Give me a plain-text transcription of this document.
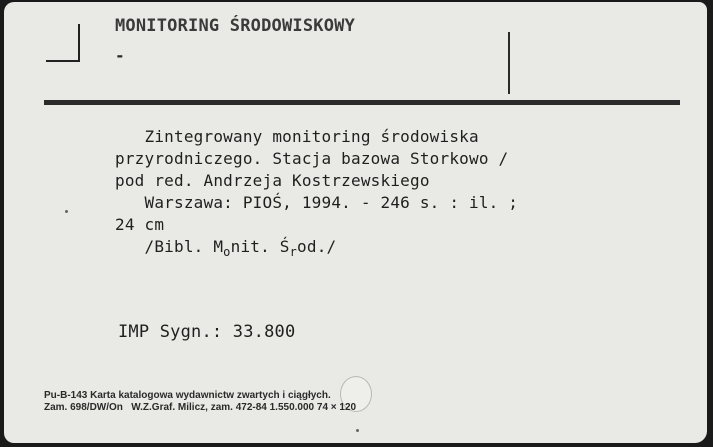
MONITORING ŚRODOWISKOWY
-
Zintegrowany monitoring środowiska
przyrodniczego. Stacja bazowa Storkowo /
pod red. Andrzeja Kostrzewskiego
Warszawa: PIOŚ, 1994. - 246 s. : il. ;
24 cm
/Bibl. $M_onit$. $Ś_rod./$
IMP Sygn.: 33.800
Pu-B-143 Karta katalogowa wydawnictw zwartych i ciągłych.
Zam. 698/DW/On   W.Z.Graf. Milicz, zam. 472-84 1.550.000 74 × 120
